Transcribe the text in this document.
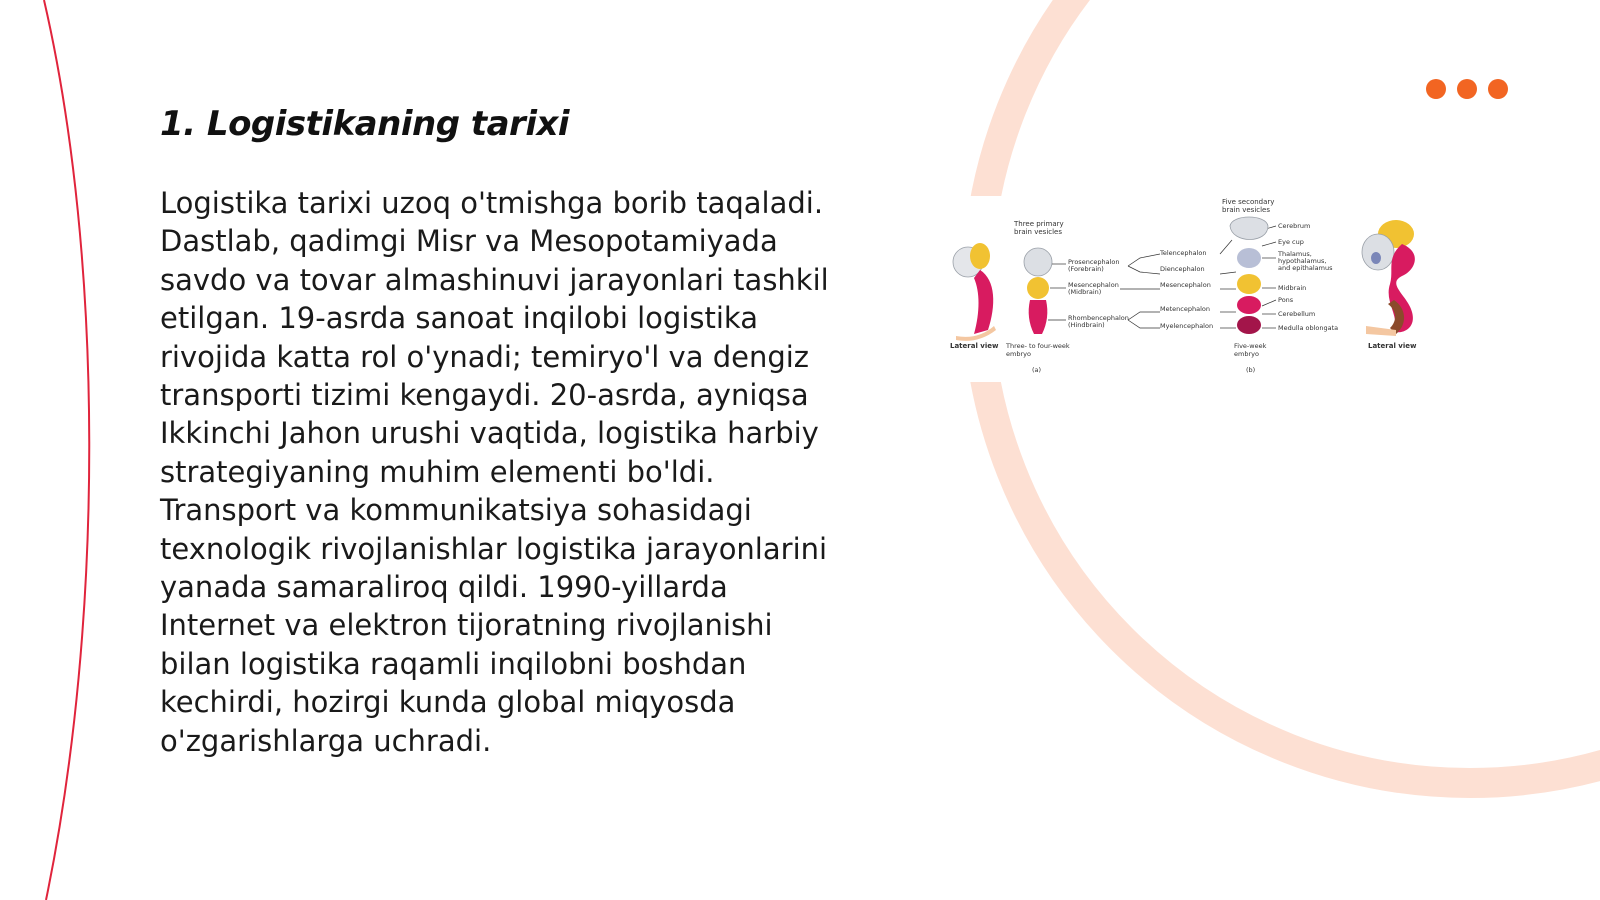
1. Logistikaning tarixi

Logistika tarixi uzoq o'tmishga borib taqaladi. Dastlab, qadimgi Misr va Mesopotamiyada savdo va tovar almashinuvi jarayonlari tashkil etilgan. 19-asrda sanoat inqilobi logistika rivojida katta rol o'ynadi; temiryo'l va dengiz transporti tizimi kengaydi. 20-asrda, ayniqsa Ikkinchi Jahon urushi vaqtida, logistika harbiy strategiyaning muhim elementi bo'ldi. Transport va kommunikatsiya sohasidagi texnologik rivojlanishlar logistika jarayonlarini yanada samaraliroq qildi. 1990-yillarda Internet va elektron tijoratning rivojlanishi bilan logistika raqamli inqilobni boshdan kechirdi, hozirgi kunda global miqyosda o'zgarishlarga uchradi.

Three primary brain vesicles
Prosencephalon (Forebrain)
Mesencephalon (Midbrain)
Rhombencephalon (Hindbrain)
Lateral view Three- to four-week embryo
(a)
Five secondary brain vesicles
Telencephalon
Diencephalon
Mesencephalon
Metencephalon
Myelencephalon
Cerebrum
Eye cup
Thalamus, hypothalamus, and epithalamus
Midbrain
Pons
Cerebellum
Medulla oblongata
Five-week embryo
(b)
Lateral view
